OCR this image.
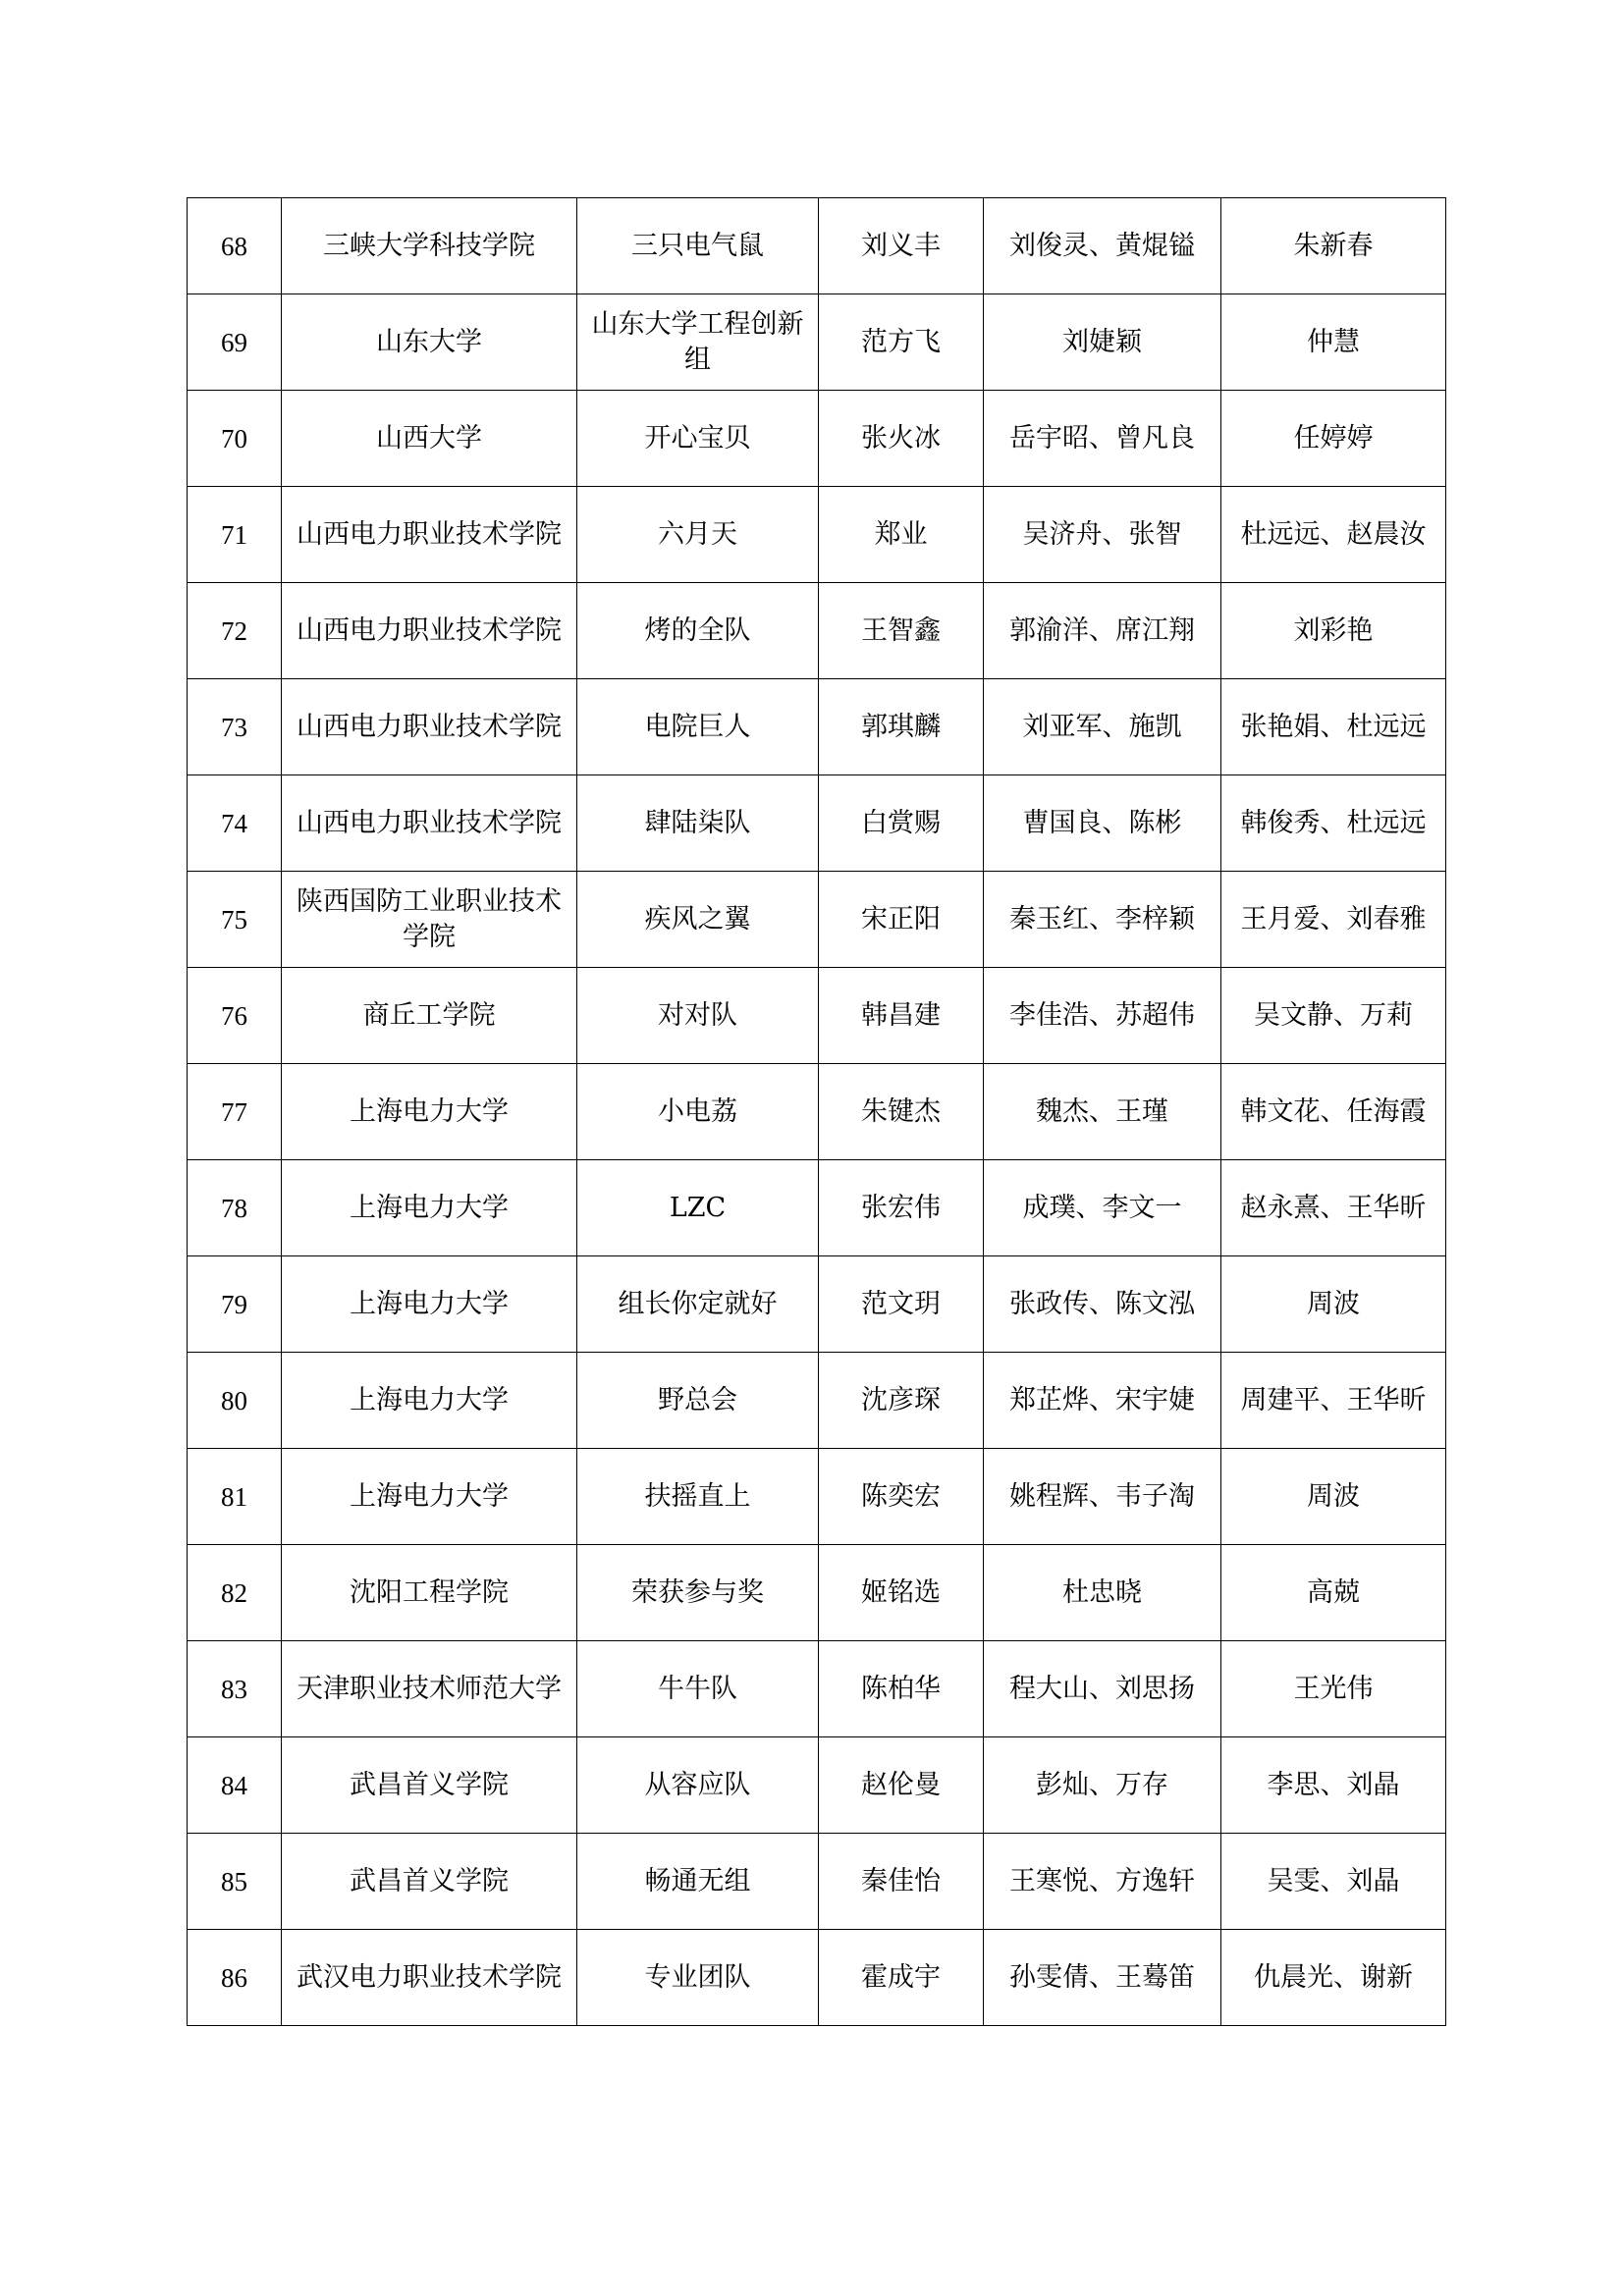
68	三峡大学科技学院	三只电气鼠	刘义丰	刘俊灵、黄焜镒	朱新春
69	山东大学	山东大学工程创新组	范方飞	刘婕颖	仲慧
70	山西大学	开心宝贝	张火冰	岳宇昭、曾凡良	任婷婷
71	山西电力职业技术学院	六月天	郑业	吴济舟、张智	杜远远、赵晨汝
72	山西电力职业技术学院	烤的全队	王智鑫	郭渝洋、席江翔	刘彩艳
73	山西电力职业技术学院	电院巨人	郭琪麟	刘亚军、施凯	张艳娟、杜远远
74	山西电力职业技术学院	肆陆柒队	白赏赐	曹国良、陈彬	韩俊秀、杜远远
75	陕西国防工业职业技术学院	疾风之翼	宋正阳	秦玉红、李梓颖	王月爱、刘春雅
76	商丘工学院	对对队	韩昌建	李佳浩、苏超伟	吴文静、万莉
77	上海电力大学	小电荔	朱键杰	魏杰、王瑾	韩文花、任海霞
78	上海电力大学	LZC	张宏伟	成璞、李文一	赵永熹、王华昕
79	上海电力大学	组长你定就好	范文玥	张政传、陈文泓	周波
80	上海电力大学	野总会	沈彦琛	郑芷烨、宋宇婕	周建平、王华昕
81	上海电力大学	扶摇直上	陈奕宏	姚程辉、韦子淘	周波
82	沈阳工程学院	荣获参与奖	姬铭选	杜忠晓	高兢
83	天津职业技术师范大学	牛牛队	陈柏华	程大山、刘思扬	王光伟
84	武昌首义学院	从容应队	赵伦曼	彭灿、万存	李思、刘晶
85	武昌首义学院	畅通无组	秦佳怡	王寒悦、方逸轩	吴雯、刘晶
86	武汉电力职业技术学院	专业团队	霍成宇	孙雯倩、王蓦笛	仇晨光、谢新
